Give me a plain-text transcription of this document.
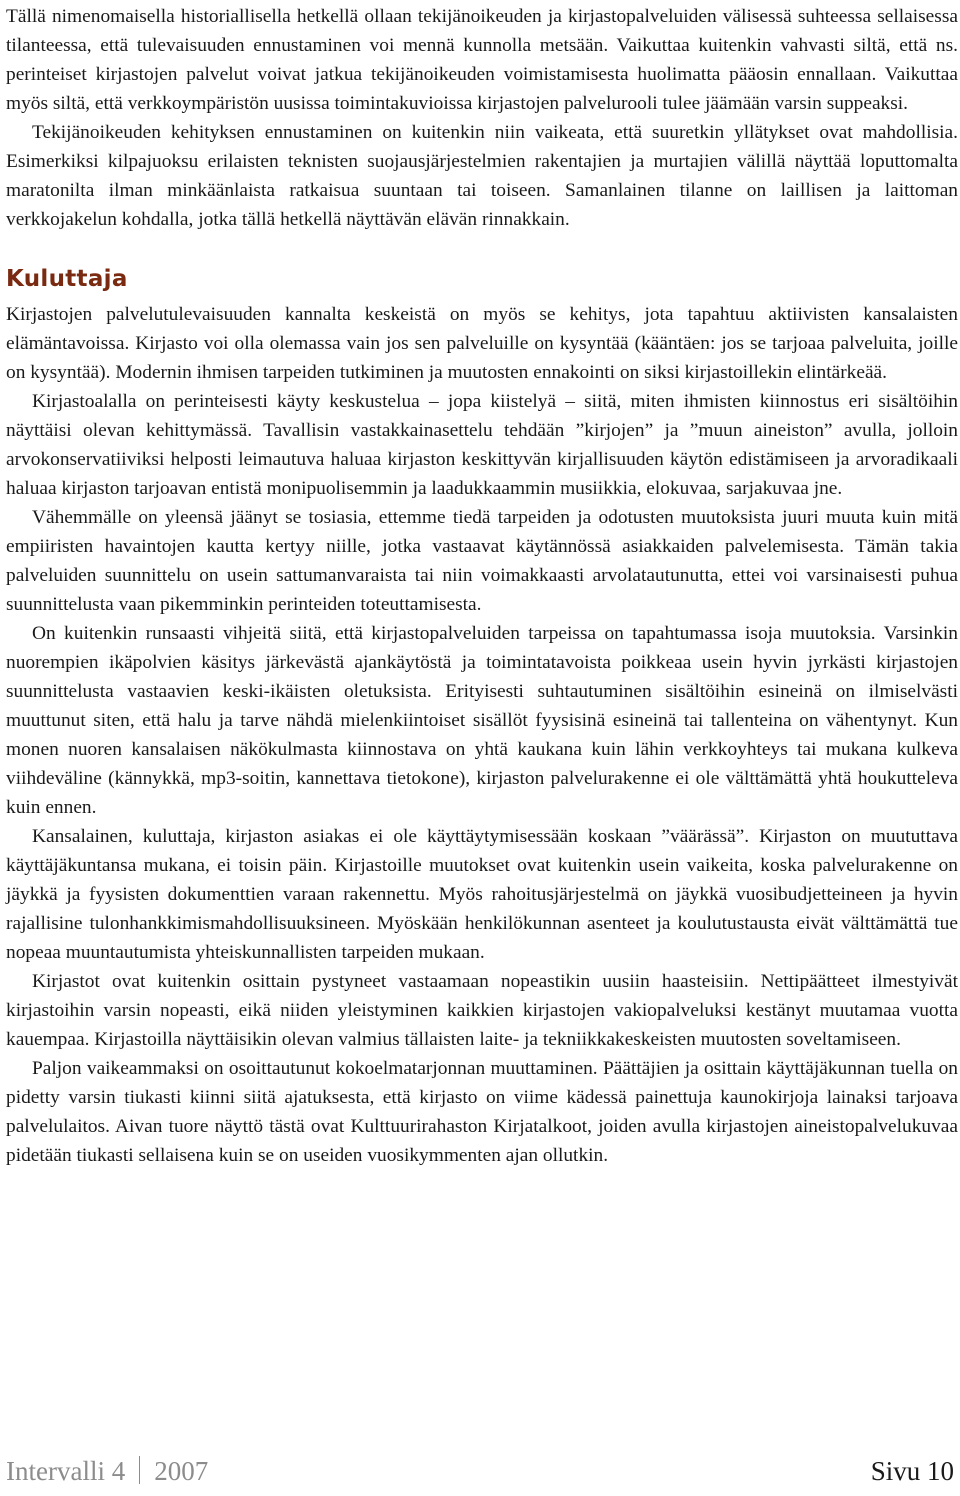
Tällä nimenomaisella historiallisella hetkellä ollaan tekijänoikeuden ja kirjastopalveluiden välisessä suhteessa sellaisessa tilanteessa, että tulevaisuuden ennustaminen voi mennä kunnolla metsään. Vaikuttaa kuitenkin vahvasti siltä, että ns. perinteiset kirjastojen palvelut voivat jatkua tekijänoikeuden voimistamisesta huolimatta pääosin ennallaan. Vaikuttaa myös siltä, että verkkoympäristön uusissa toimintakuvioissa kirjastojen palvelurooli tulee jäämään varsin suppeaksi.

Tekijänoikeuden kehityksen ennustaminen on kuitenkin niin vaikeata, että suuretkin yllätykset ovat mahdollisia. Esimerkiksi kilpajuoksu erilaisten teknisten suojausjärjestelmien rakentajien ja murtajien välillä näyttää loputtomalta maratonilta ilman minkäänlaista ratkaisua suuntaan tai toiseen. Samanlainen tilanne on laillisen ja laittoman verkkojakelun kohdalla, jotka tällä hetkellä näyttävän elävän rinnakkain.

Kuluttaja

Kirjastojen palvelutulevaisuuden kannalta keskeistä on myös se kehitys, jota tapahtuu aktiivisten kansalaisten elämäntavoissa. Kirjasto voi olla olemassa vain jos sen palveluille on kysyntää (kääntäen: jos se tarjoaa palveluita, joille on kysyntää). Modernin ihmisen tarpeiden tutkiminen ja muutosten ennakointi on siksi kirjastoillekin elintärkeää.

Kirjastoalalla on perinteisesti käyty keskustelua – jopa kiistelyä – siitä, miten ihmisten kiinnostus eri sisältöihin näyttäisi olevan kehittymässä. Tavallisin vastakkainasettelu tehdään ”kirjojen” ja ”muun aineiston” avulla, jolloin arvokonservatiiviksi helposti leimautuva haluaa kirjaston keskittyvän kirjallisuuden käytön edistämiseen ja arvoradikaali haluaa kirjaston tarjoavan entistä monipuolisemmin ja laadukkaammin musiikkia, elokuvaa, sarjakuvaa jne.

Vähemmälle on yleensä jäänyt se tosiasia, ettemme tiedä tarpeiden ja odotusten muutoksista juuri muuta kuin mitä empiiristen havaintojen kautta kertyy niille, jotka vastaavat käytännössä asiakkaiden palvelemisesta. Tämän takia palveluiden suunnittelu on usein sattumanvaraista tai niin voimakkaasti arvolatautunutta, ettei voi varsinaisesti puhua suunnittelusta vaan pikemminkin perinteiden toteuttamisesta.

On kuitenkin runsaasti vihjeitä siitä, että kirjastopalveluiden tarpeissa on tapahtumassa isoja muutoksia. Varsinkin nuorempien ikäpolvien käsitys järkevästä ajankäytöstä ja toimintatavoista poikkeaa usein hyvin jyrkästi kirjastojen suunnittelusta vastaavien keski-ikäisten oletuksista. Erityisesti suhtautuminen sisältöihin esineinä on ilmiselvästi muuttunut siten, että halu ja tarve nähdä mielenkiintoiset sisällöt fyysisinä esineinä tai tallenteina on vähentynyt. Kun monen nuoren kansalaisen näkökulmasta kiinnostava on yhtä kaukana kuin lähin verkkoyhteys tai mukana kulkeva viihdeväline (kännykkä, mp3-soitin, kannettava tietokone), kirjaston palvelurakenne ei ole välttämättä yhtä houkutteleva kuin ennen.

Kansalainen, kuluttaja, kirjaston asiakas ei ole käyttäytymisessään koskaan ”väärässä”. Kirjaston on muututtava käyttäjäkuntansa mukana, ei toisin päin. Kirjastoille muutokset ovat kuitenkin usein vaikeita, koska palvelurakenne on jäykkä ja fyysisten dokumenttien varaan rakennettu. Myös rahoitusjärjestelmä on jäykkä vuosibudjetteineen ja hyvin rajallisine tulonhankkimismahdollisuuksineen. Myöskään henkilökunnan asenteet ja koulutustausta eivät välttämättä tue nopeaa muuntautumista yhteiskunnallisten tarpeiden mukaan.

Kirjastot ovat kuitenkin osittain pystyneet vastaamaan nopeastikin uusiin haasteisiin. Nettipäätteet ilmestyivät kirjastoihin varsin nopeasti, eikä niiden yleistyminen kaikkien kirjastojen vakiopalveluksi kestänyt muutamaa vuotta kauempaa. Kirjastoilla näyttäisikin olevan valmius tällaisten laite- ja tekniikkakeskeisten muutosten soveltamiseen.

Paljon vaikeammaksi on osoittautunut kokoelmatarjonnan muuttaminen. Päättäjien ja osittain käyttäjäkunnan tuella on pidetty varsin tiukasti kiinni siitä ajatuksesta, että kirjasto on viime kädessä painettuja kaunokirjoja lainaksi tarjoava palvelulaitos. Aivan tuore näyttö tästä ovat Kulttuurirahaston Kirjatalkoot, joiden avulla kirjastojen aineistopalvelukuvaa pidetään tiukasti sellaisena kuin se on useiden vuosikymmenten ajan ollutkin.

Intervalli 4 2007	Sivu 10
